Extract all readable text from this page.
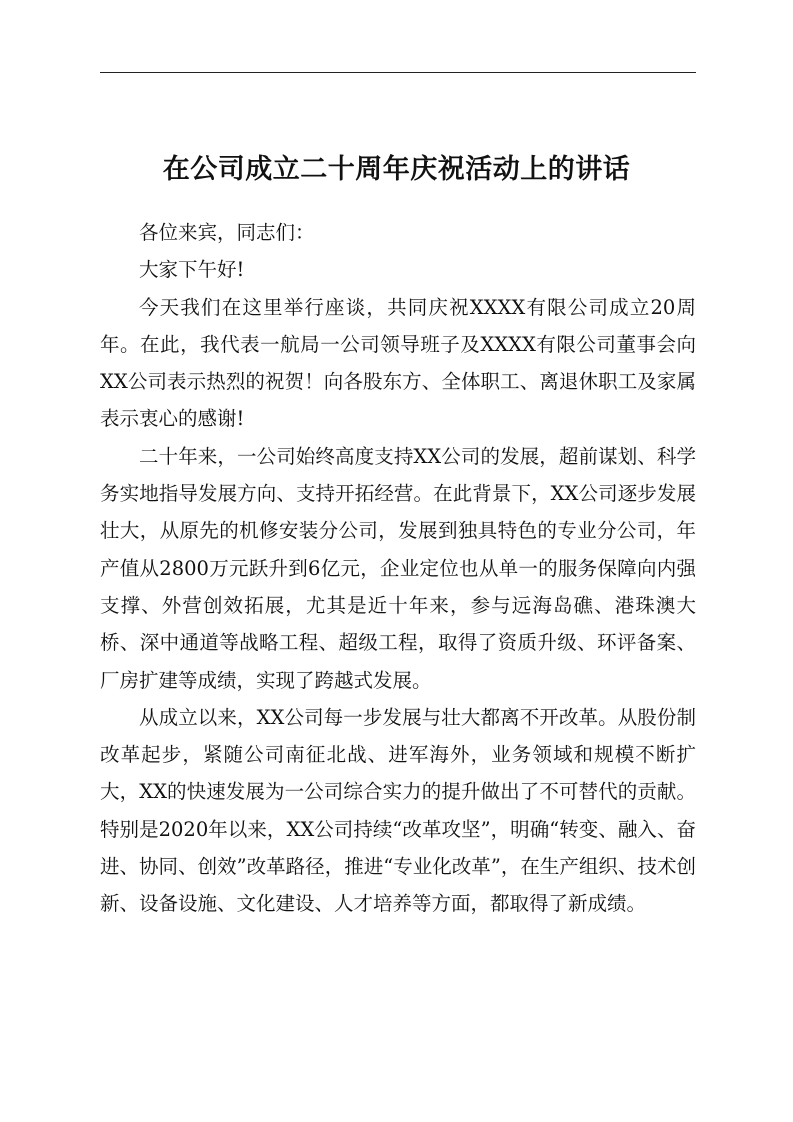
在公司成立二十周年庆祝活动上的讲话

各位来宾，同志们：

大家下午好!

今天我们在这里举行座谈，共同庆祝XXXX有限公司成立20周年。在此，我代表一航局一公司领导班子及XXXX有限公司董事会向XX公司表示热烈的祝贺！向各股东方、全体职工、离退休职工及家属表示衷心的感谢!

二十年来，一公司始终高度支持XX公司的发展，超前谋划、科学务实地指导发展方向、支持开拓经营。在此背景下，XX公司逐步发展壮大，从原先的机修安装分公司，发展到独具特色的专业分公司，年产值从2800万元跃升到6亿元，企业定位也从单一的服务保障向内强支撑、外营创效拓展，尤其是近十年来，参与远海岛礁、港珠澳大桥、深中通道等战略工程、超级工程，取得了资质升级、环评备案、厂房扩建等成绩，实现了跨越式发展。

从成立以来，XX公司每一步发展与壮大都离不开改革。从股份制改革起步，紧随公司南征北战、进军海外，业务领域和规模不断扩大，XX的快速发展为一公司综合实力的提升做出了不可替代的贡献。特别是2020年以来，XX公司持续“改革攻坚”，明确“转变、融入、奋进、协同、创效”改革路径，推进“专业化改革”，在生产组织、技术创新、设备设施、文化建设、人才培养等方面，都取得了新成绩。
